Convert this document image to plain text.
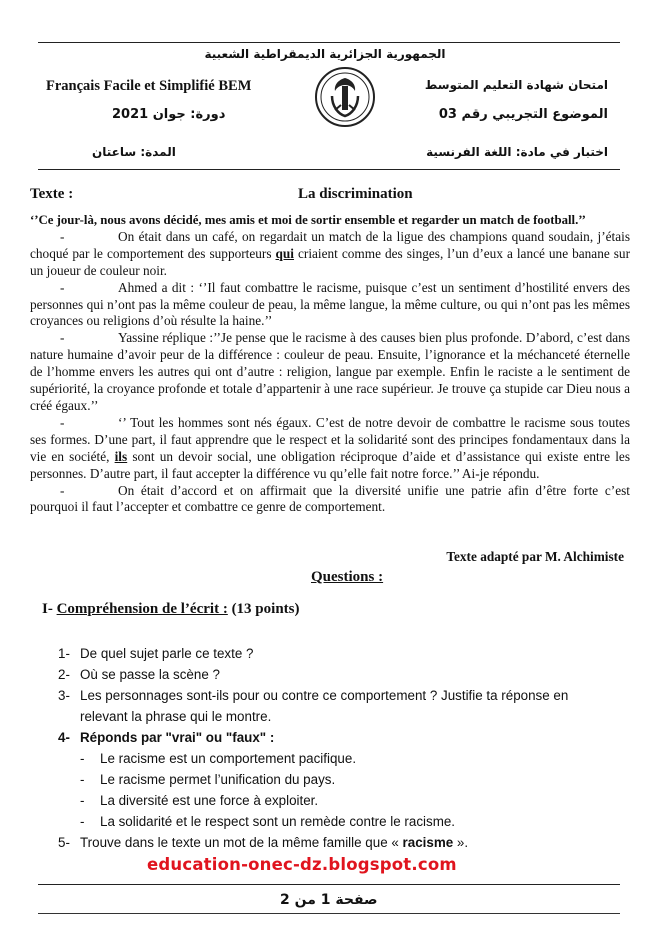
الجمهورية الجزائرية الديمقراطية الشعبية
Français Facile et Simplifié BEM
دورة: جوان 2021
المدة: ساعتان
امتحان شهادة التعليم المتوسط
الموضوع التجريبي رقم 03
اختبار في مادة: اللغة الفرنسية
Texte :	La discrimination

‘’Ce jour-là, nous avons décidé, mes amis et moi de sortir ensemble et regarder un match de football.’’

-	On était dans un café, on regardait un match de la ligue des champions quand soudain, j’étais choqué par le comportement des supporteurs qui criaient comme des singes, l’un d’eux a lancé une banane sur un joueur de couleur noir.

-	Ahmed a dit : ‘’Il faut combattre le racisme, puisque c’est un sentiment d’hostilité envers des personnes qui n’ont pas la même couleur de peau, la même langue, la même culture, ou qui n’ont pas les mêmes croyances ou religions d’où résulte la haine.’’

-	Yassine réplique :’’Je pense que le racisme à des causes bien plus profonde. D’abord, c’est dans nature humaine d’avoir peur de la différence : couleur de peau. Ensuite, l’ignorance et la méchanceté éternelle de l’homme envers les autres qui ont d’autre : religion, langue par exemple. Enfin le raciste a le sentiment de supériorité, la croyance profonde et totale d’appartenir à une race supérieur. Je trouve ça stupide car Dieu nous a créé égaux.’’

-	‘’ Tout les hommes sont nés égaux. C’est de notre devoir de combattre le racisme sous toutes ses formes. D’une part, il faut apprendre que le respect et la solidarité sont des principes fondamentaux dans la vie en société, ils sont un devoir social, une obligation réciproque d’aide et d’assistance qui existe entre les personnes. D’autre part, il faut accepter la différence vu qu’elle fait notre force.’’ Ai-je répondu.

-	On était d’accord et on affirmait que la diversité unifie une patrie afin d’être forte c’est pourquoi il faut l’accepter et combattre ce genre de comportement.

Texte adapté par M. Alchimiste
Questions :
I- Compréhension de l’écrit : (13 points)
1- De quel sujet parle ce texte ?
2- Où se passe la scène ?
3- Les personnages sont-ils pour ou contre ce comportement ? Justifie ta réponse en
relevant la phrase qui le montre.
4- Réponds par "vrai" ou "faux" :
- Le racisme est un comportement pacifique.
- Le racisme permet l’unification du pays.
- La diversité est une force à exploiter.
- La solidarité et le respect sont un remède contre le racisme.
5- Trouve dans le texte un mot de la même famille que « racisme ».
education-onec-dz.blogspot.com
صفحة 1 من 2
